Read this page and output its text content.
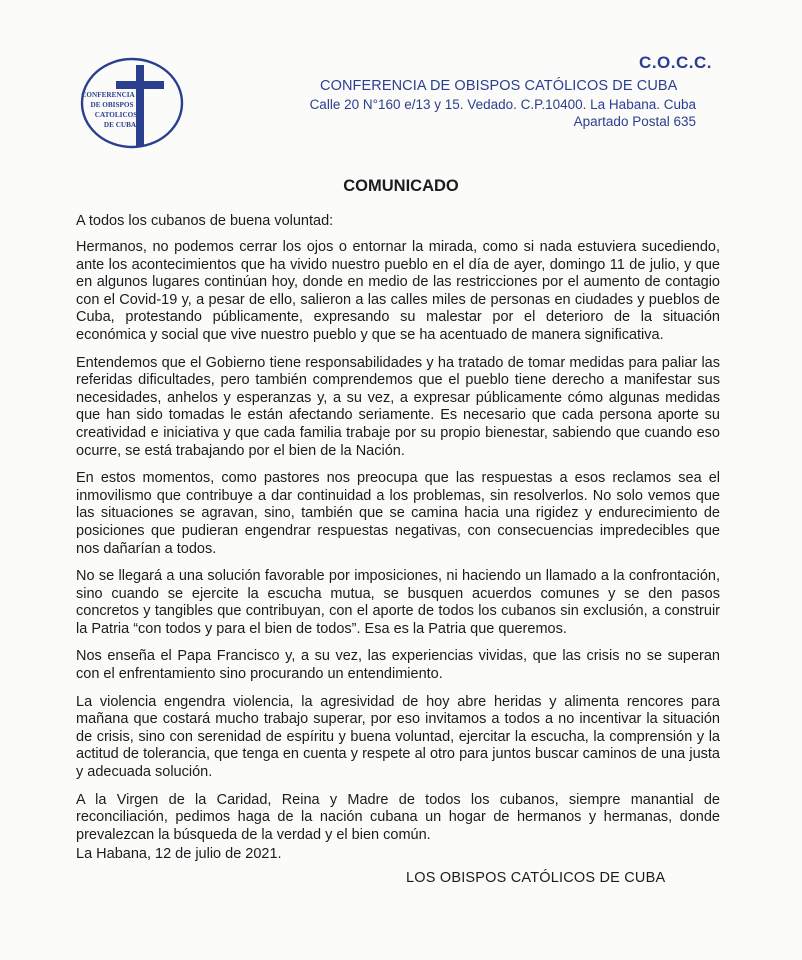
CONFERENCIA
DE OBISPOS
CATOLICOS
DE CUBA
C.O.C.C.
CONFERENCIA DE OBISPOS CATÓLICOS DE CUBA
Calle 20 N°160 e/13 y 15. Vedado. C.P.10400. La Habana. Cuba
Apartado Postal 635
COMUNICADO
A todos los cubanos de buena voluntad:

Hermanos, no podemos cerrar los ojos o entornar la mirada, como si nada estuviera sucediendo, ante los acontecimientos que ha vivido nuestro pueblo en el día de ayer, domingo 11 de julio, y que en algunos lugares continúan hoy, donde en medio de las restricciones por el aumento de contagio con el Covid-19 y, a pesar de ello, salieron a las calles miles de personas en ciudades y pueblos de Cuba, protestando públicamente, expresando su malestar por el deterioro de la situación económica y social que vive nuestro pueblo y que se ha acentuado de manera significativa.

Entendemos que el Gobierno tiene responsabilidades y ha tratado de tomar medidas para paliar las referidas dificultades, pero también comprendemos que el pueblo tiene derecho a manifestar sus necesidades, anhelos y esperanzas y, a su vez, a expresar públicamente cómo algunas medidas que han sido tomadas le están afectando seriamente. Es necesario que cada persona aporte su creatividad e iniciativa y que cada familia trabaje por su propio bienestar, sabiendo que cuando eso ocurre, se está trabajando por el bien de la Nación.

En estos momentos, como pastores nos preocupa que las respuestas a esos reclamos sea el inmovilismo que contribuye a dar continuidad a los problemas, sin resolverlos. No solo vemos que las situaciones se agravan, sino, también que se camina hacia una rigidez y endurecimiento de posiciones que pudieran engendrar respuestas negativas, con consecuencias impredecibles que nos dañarían a todos.

No se llegará a una solución favorable por imposiciones, ni haciendo un llamado a la confrontación, sino cuando se ejercite la escucha mutua, se busquen acuerdos comunes y se den pasos concretos y tangibles que contribuyan, con el aporte de todos los cubanos sin exclusión, a construir la Patria “con todos y para el bien de todos”. Esa es la Patria que queremos.

Nos enseña el Papa Francisco y, a su vez, las experiencias vividas, que las crisis no se superan con el enfrentamiento sino procurando un entendimiento.

La violencia engendra violencia, la agresividad de hoy abre heridas y alimenta rencores para mañana que costará mucho trabajo superar, por eso invitamos a todos a no incentivar la situación de crisis, sino con serenidad de espíritu y buena voluntad, ejercitar la escucha, la comprensión y la actitud de tolerancia, que tenga en cuenta y respete al otro para juntos buscar caminos de una justa y adecuada solución.

A la Virgen de la Caridad, Reina y Madre de todos los cubanos, siempre manantial de reconciliación, pedimos haga de la nación cubana un hogar de hermanos y hermanas, donde prevalezcan la búsqueda de la verdad y el bien común.

La Habana, 12 de julio de 2021.
LOS OBISPOS CATÓLICOS DE CUBA
